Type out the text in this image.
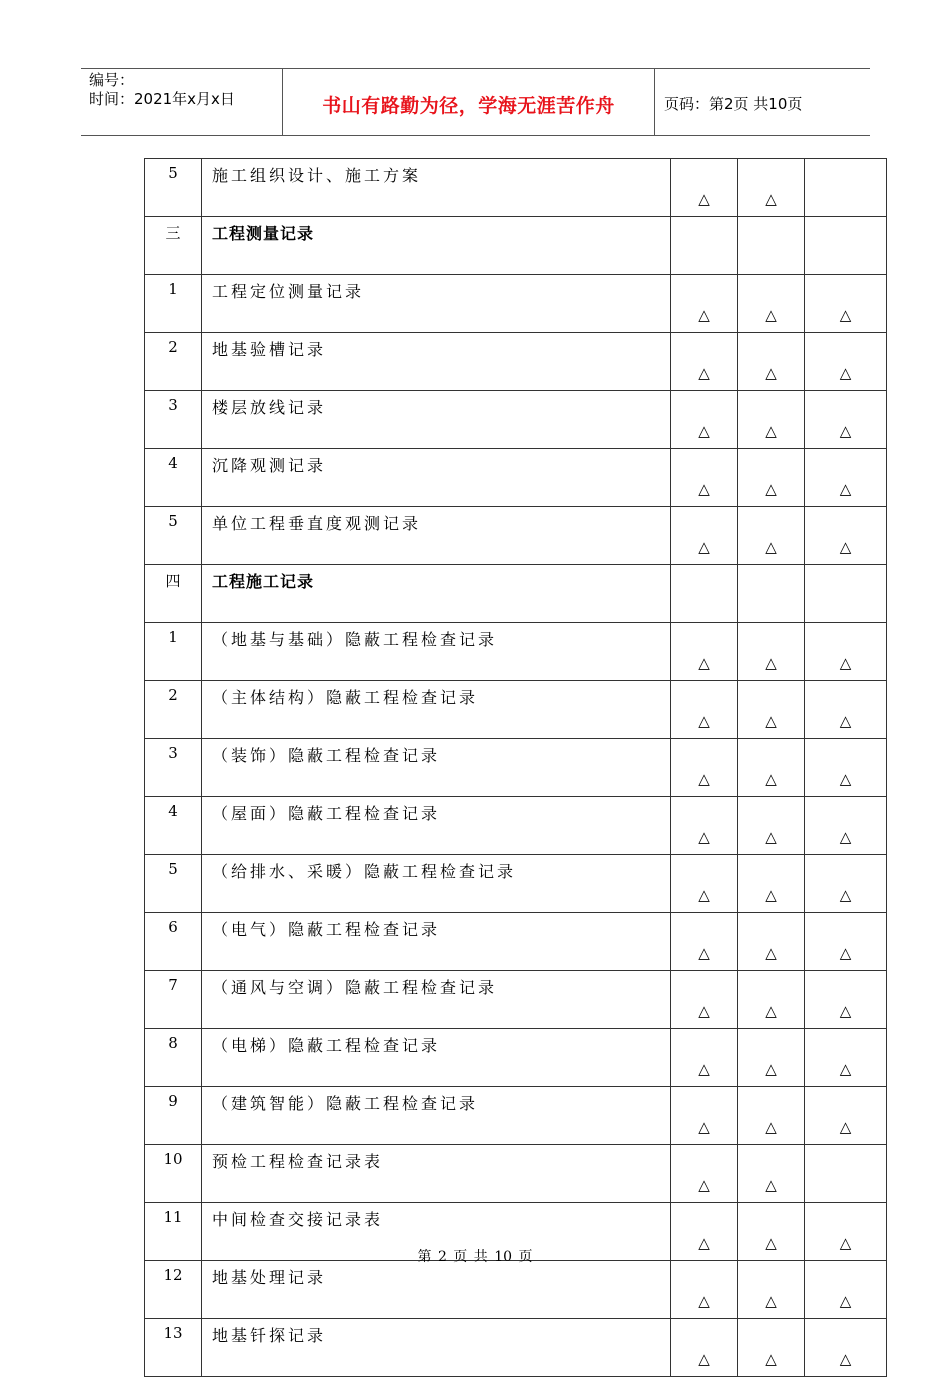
编号：
时间：2021年x月x日	书山有路勤为径，学海无涯苦作舟	页码：第2页 共10页
5	施工组织设计、施工方案	△	△	
三	工程测量记录			
1	工程定位测量记录	△	△	△
2	地基验槽记录	△	△	△
3	楼层放线记录	△	△	△
4	沉降观测记录	△	△	△
5	单位工程垂直度观测记录	△	△	△
四	工程施工记录			
1	（地基与基础）隐蔽工程检查记录	△	△	△
2	（主体结构）隐蔽工程检查记录	△	△	△
3	（装饰）隐蔽工程检查记录	△	△	△
4	（屋面）隐蔽工程检查记录	△	△	△
5	（给排水、采暖）隐蔽工程检查记录	△	△	△
6	（电气）隐蔽工程检查记录	△	△	△
7	（通风与空调）隐蔽工程检查记录	△	△	△
8	（电梯）隐蔽工程检查记录	△	△	△
9	（建筑智能）隐蔽工程检查记录	△	△	△
10	预检工程检查记录表	△	△	
11	中间检查交接记录表	△	△	△
12	地基处理记录	△	△	△
13	地基钎探记录	△	△	△
第 2 页 共 10 页
